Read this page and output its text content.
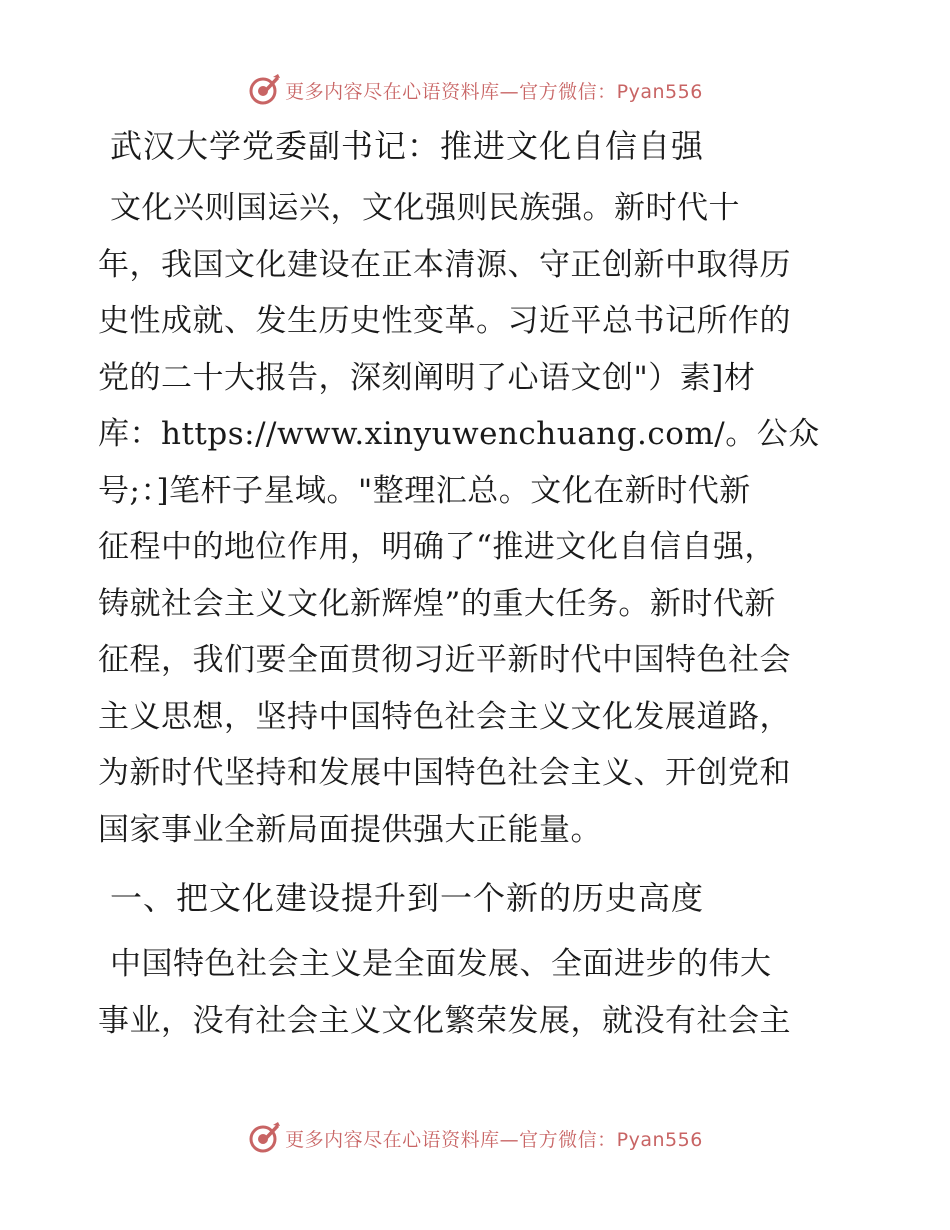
更多内容尽在心语资料库—官方微信：Pyan556
武汉大学党委副书记：推进文化自信自强

文化兴则国运兴，文化强则民族强。新时代十
年，我国文化建设在正本清源、守正创新中取得历
史性成就、发生历史性变革。习近平总书记所作的
党的二十大报告，深刻阐明了心语文创"）素]材
库：https://www.xinyuwenchuang.com/。公众
号;：]笔杆子星域。"整理汇总。文化在新时代新
征程中的地位作用，明确了“推进文化自信自强，
铸就社会主义文化新辉煌”的重大任务。新时代新
征程，我们要全面贯彻习近平新时代中国特色社会
主义思想，坚持中国特色社会主义文化发展道路，
为新时代坚持和发展中国特色社会主义、开创党和
国家事业全新局面提供强大正能量。

一、把文化建设提升到一个新的历史高度

中国特色社会主义是全面发展、全面进步的伟大
事业，没有社会主义文化繁荣发展，就没有社会主

更多内容尽在心语资料库—官方微信：Pyan556
